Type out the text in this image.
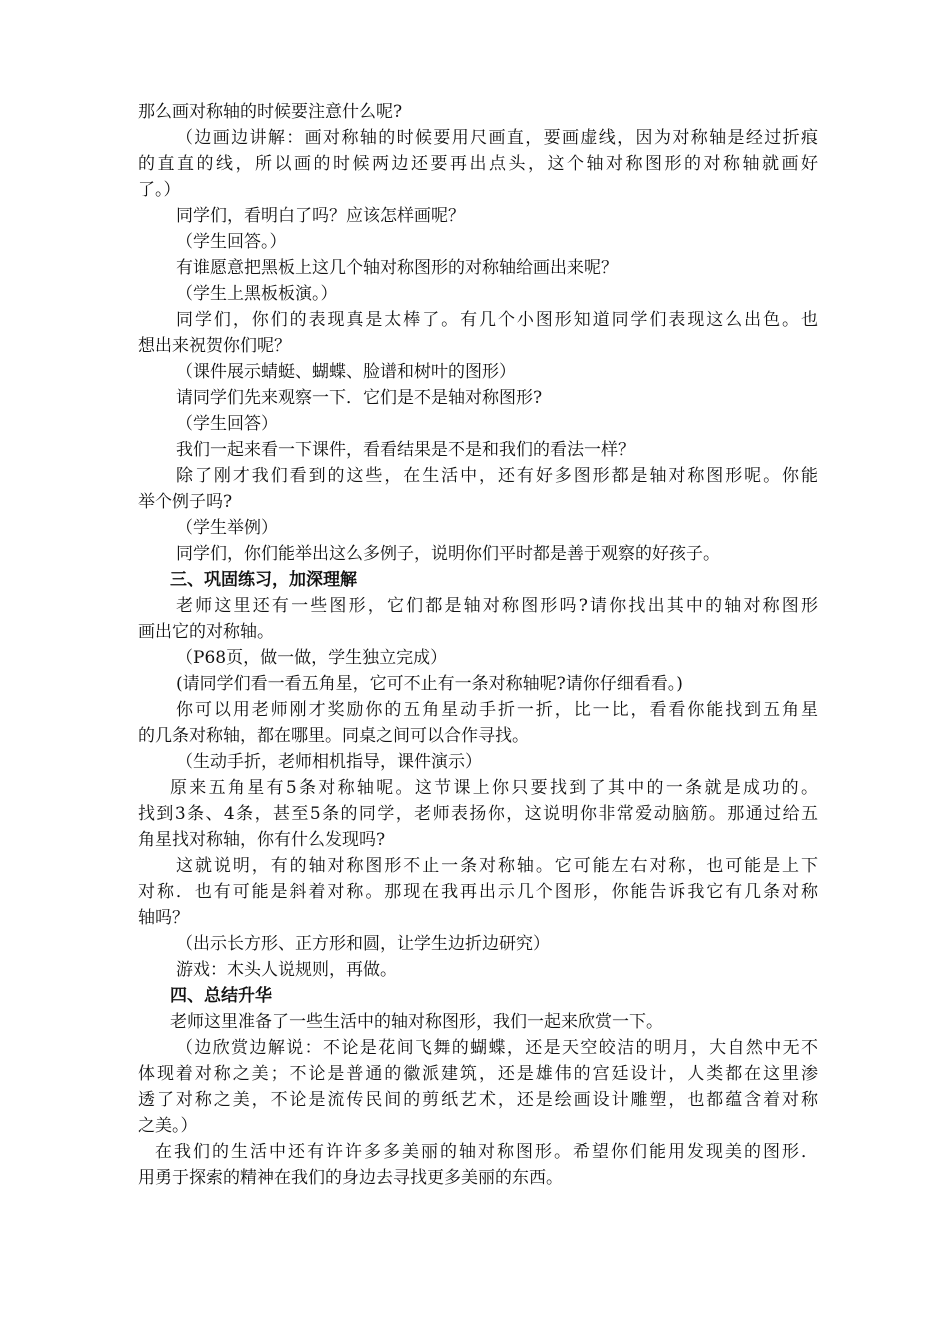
那么画对称轴的时候要注意什么呢?
（边画边讲解：画对称轴的时候要用尺画直，要画虚线，因为对称轴是经过折痕
的直直的线，所以画的时候两边还要再出点头，这个轴对称图形的对称轴就画好
了。）
同学们，看明白了吗？应该怎样画呢？
（学生回答。）
有谁愿意把黑板上这几个轴对称图形的对称轴给画出来呢？
（学生上黑板板演。）
同学们，你们的表现真是太棒了。有几个小图形知道同学们表现这么出色。也
想出来祝贺你们呢？
（课件展示蜻蜓、蝴蝶、脸谱和树叶的图形）
请同学们先来观察一下．它们是不是轴对称图形?
（学生回答）
我们一起来看一下课件，看看结果是不是和我们的看法一样？
除了刚才我们看到的这些，在生活中，还有好多图形都是轴对称图形呢。你能
举个例子吗?
（学生举例）
同学们，你们能举出这么多例子，说明你们平时都是善于观察的好孩子。
三、巩固练习，加深理解
老师这里还有一些图形，它们都是轴对称图形吗?请你找出其中的轴对称图形
画出它的对称轴。
（P68页，做一做，学生独立完成）
(请同学们看一看五角星，它可不止有一条对称轴呢?请你仔细看看。)
你可以用老师刚才奖励你的五角星动手折一折，比一比，看看你能找到五角星
的几条对称轴，都在哪里。同桌之间可以合作寻找。
（生动手折，老师相机指导，课件演示）
原来五角星有5条对称轴呢。这节课上你只要找到了其中的一条就是成功的。
找到3条、4条，甚至5条的同学，老师表扬你，这说明你非常爱动脑筋。那通过给五
角星找对称轴，你有什么发现吗?
这就说明，有的轴对称图形不止一条对称轴。它可能左右对称，也可能是上下
对称．也有可能是斜着对称。那现在我再出示几个图形，你能告诉我它有几条对称
轴吗？
（出示长方形、正方形和圆，让学生边折边研究）
游戏：木头人说规则，再做。
四、总结升华
老师这里准备了一些生活中的轴对称图形，我们一起来欣赏一下。
（边欣赏边解说：不论是花间飞舞的蝴蝶，还是天空皎洁的明月，大自然中无不
体现着对称之美；不论是普通的徽派建筑，还是雄伟的宫廷设计，人类都在这里渗
透了对称之美，不论是流传民间的剪纸艺术，还是绘画设计雕塑，也都蕴含着对称
之美。）
在我们的生活中还有许许多多美丽的轴对称图形。希望你们能用发现美的图形．
用勇于探索的精神在我们的身边去寻找更多美丽的东西。
